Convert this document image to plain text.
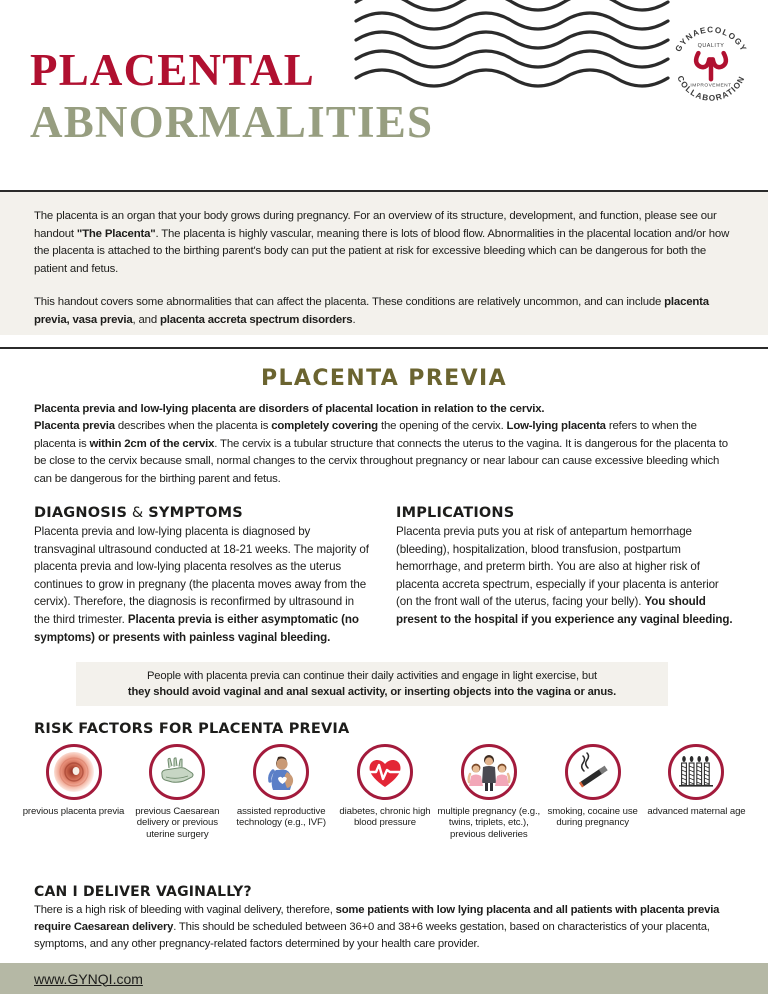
PLACENTAL
ABNORMALITIES
GYNAECOLOGY
COLLABORATION
QUALITY
IMPROVEMENT

The placenta is an organ that your body grows during pregnancy. For an overview of its structure, development, and function, please see our handout "The Placenta". The placenta is highly vascular, meaning there is lots of blood flow. Abnormalities in the placental location and/or how the placenta is attached to the birthing parent's body can put the patient at risk for excessive bleeding which can be dangerous for both the patient and fetus.

This handout covers some abnormalities that can affect the placenta. These conditions are relatively uncommon, and can include placenta previa, vasa previa, and placenta accreta spectrum disorders.

PLACENTA PREVIA

Placenta previa and low-lying placenta are disorders of placental location in relation to the cervix.
Placenta previa describes when the placenta is completely covering the opening of the cervix. Low-lying placenta refers to when the placenta is within 2cm of the cervix. The cervix is a tubular structure that connects the uterus to the vagina. It is dangerous for the placenta to be close to the cervix because small, normal changes to the cervix throughout pregnancy or near labour can cause excessive bleeding which can be dangerous for the birthing parent and fetus.

DIAGNOSIS & SYMPTOMS
Placenta previa and low-lying placenta is diagnosed by transvaginal ultrasound conducted at 18-21 weeks. The majority of placenta previa and low-lying placenta resolves as the uterus continues to grow in pregnany (the placenta moves away from the cervix). Therefore, the diagnosis is reconfirmed by ultrasound in the third trimester. Placenta previa is either asymptomatic (no symptoms) or presents with painless vaginal bleeding.
IMPLICATIONS
Placenta previa puts you at risk of antepartum hemorrhage (bleeding), hospitalization, blood transfusion, postpartum hemorrhage, and preterm birth. You are also at higher risk of placenta accreta spectrum, especially if your placenta is anterior (on the front wall of the uterus, facing your belly). You should present to the hospital if you experience any vaginal bleeding.
People with placenta previa can continue their daily activities and engage in light exercise, but
they should avoid vaginal and anal sexual activity, or inserting objects into the vagina or anus.
RISK FACTORS FOR PLACENTA PREVIA
previous placenta previa	previous Caesarean delivery or previous uterine surgery
assisted reproductive technology (e.g., IVF)
diabetes, chronic high blood pressure
multiple pregnancy (e.g., twins, triplets, etc.), previous deliveries
smoking, cocaine use during pregnancy
advanced maternal age
CAN I DELIVER VAGINALLY?
There is a high risk of bleeding with vaginal delivery, therefore, some patients with low lying placenta and all patients with placenta previa require Caesarean delivery. This should be scheduled between 36+0 and 38+6 weeks gestation, based on characteristics of your placenta, symptoms, and any other pregnancy-related factors determined by your health care provider.
www.GYNQI.com
